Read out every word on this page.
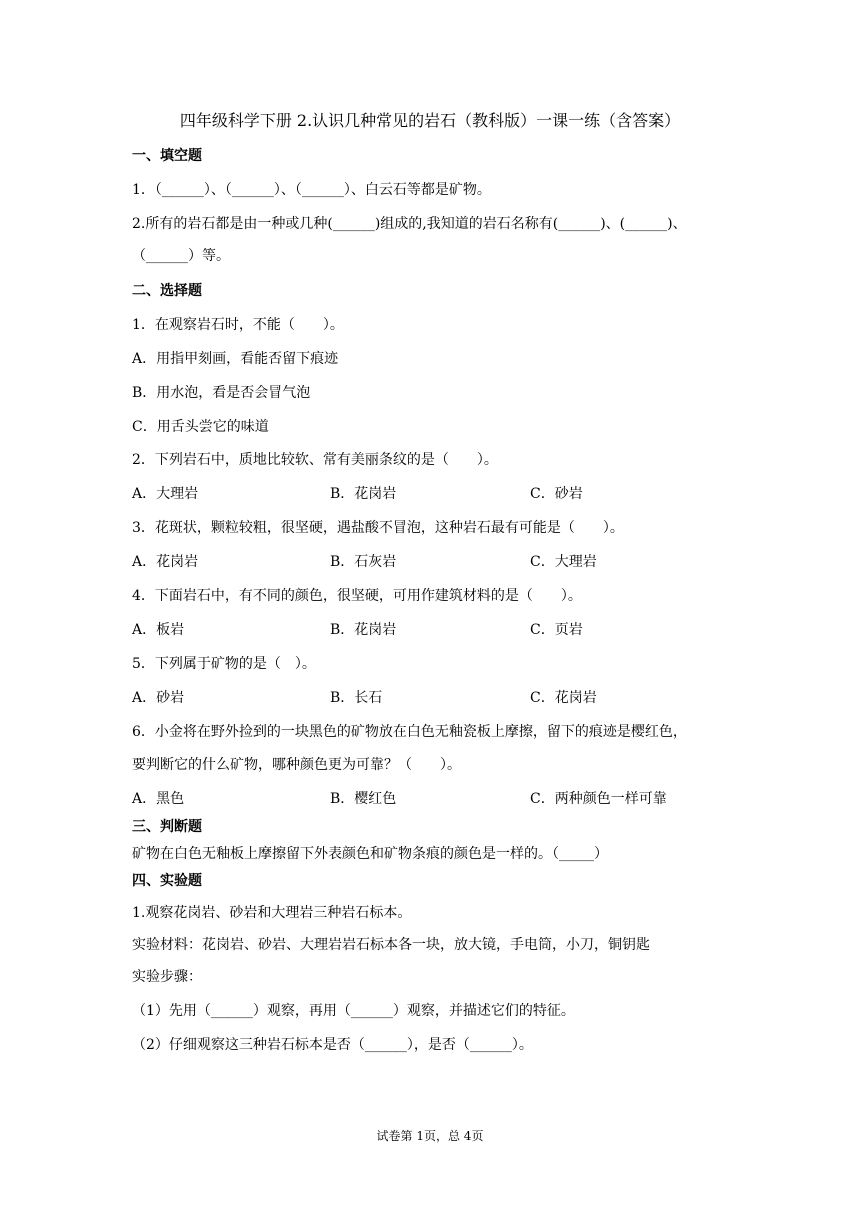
四年级科学下册 2.认识几种常见的岩石（教科版）一课一练（含答案）
一、填空题
1．（______）、（______）、（______）、白云石等都是矿物。
2.所有的岩石都是由一种或几种(______)组成的,我知道的岩石名称有(______)、(______)、
（______）等。
二、选择题
1．在观察岩石时，不能（　　）。
A．用指甲刻画，看能否留下痕迹
B．用水泡，看是否会冒气泡
C．用舌头尝它的味道
2．下列岩石中，质地比较软、常有美丽条纹的是（　　）。
A．大理岩	B．花岗岩	C．砂岩
3．花斑状，颗粒较粗，很坚硬，遇盐酸不冒泡，这种岩石最有可能是（　　）。
A．花岗岩	B．石灰岩	C．大理岩
4．下面岩石中，有不同的颜色，很坚硬，可用作建筑材料的是（　　）。
A．板岩	B．花岗岩	C．页岩
5．下列属于矿物的是（　）。
A．砂岩	B．长石	C．花岗岩
6．小金将在野外捡到的一块黑色的矿物放在白色无釉瓷板上摩擦，留下的痕迹是樱红色，
要判断它的什么矿物，哪种颜色更为可靠？（　　）。
A．黑色	B．樱红色	C．两种颜色一样可靠
三、判断题
矿物在白色无釉板上摩擦留下外表颜色和矿物条痕的颜色是一样的。（_____）
四、实验题
1.观察花岗岩、砂岩和大理岩三种岩石标本。
实验材料：花岗岩、砂岩、大理岩岩石标本各一块，放大镜，手电筒，小刀，铜钥匙
实验步骤：
（1）先用（______）观察，再用（______）观察，并描述它们的特征。
（2）仔细观察这三种岩石标本是否（______），是否（______）。
试卷第 1页，总 4页
